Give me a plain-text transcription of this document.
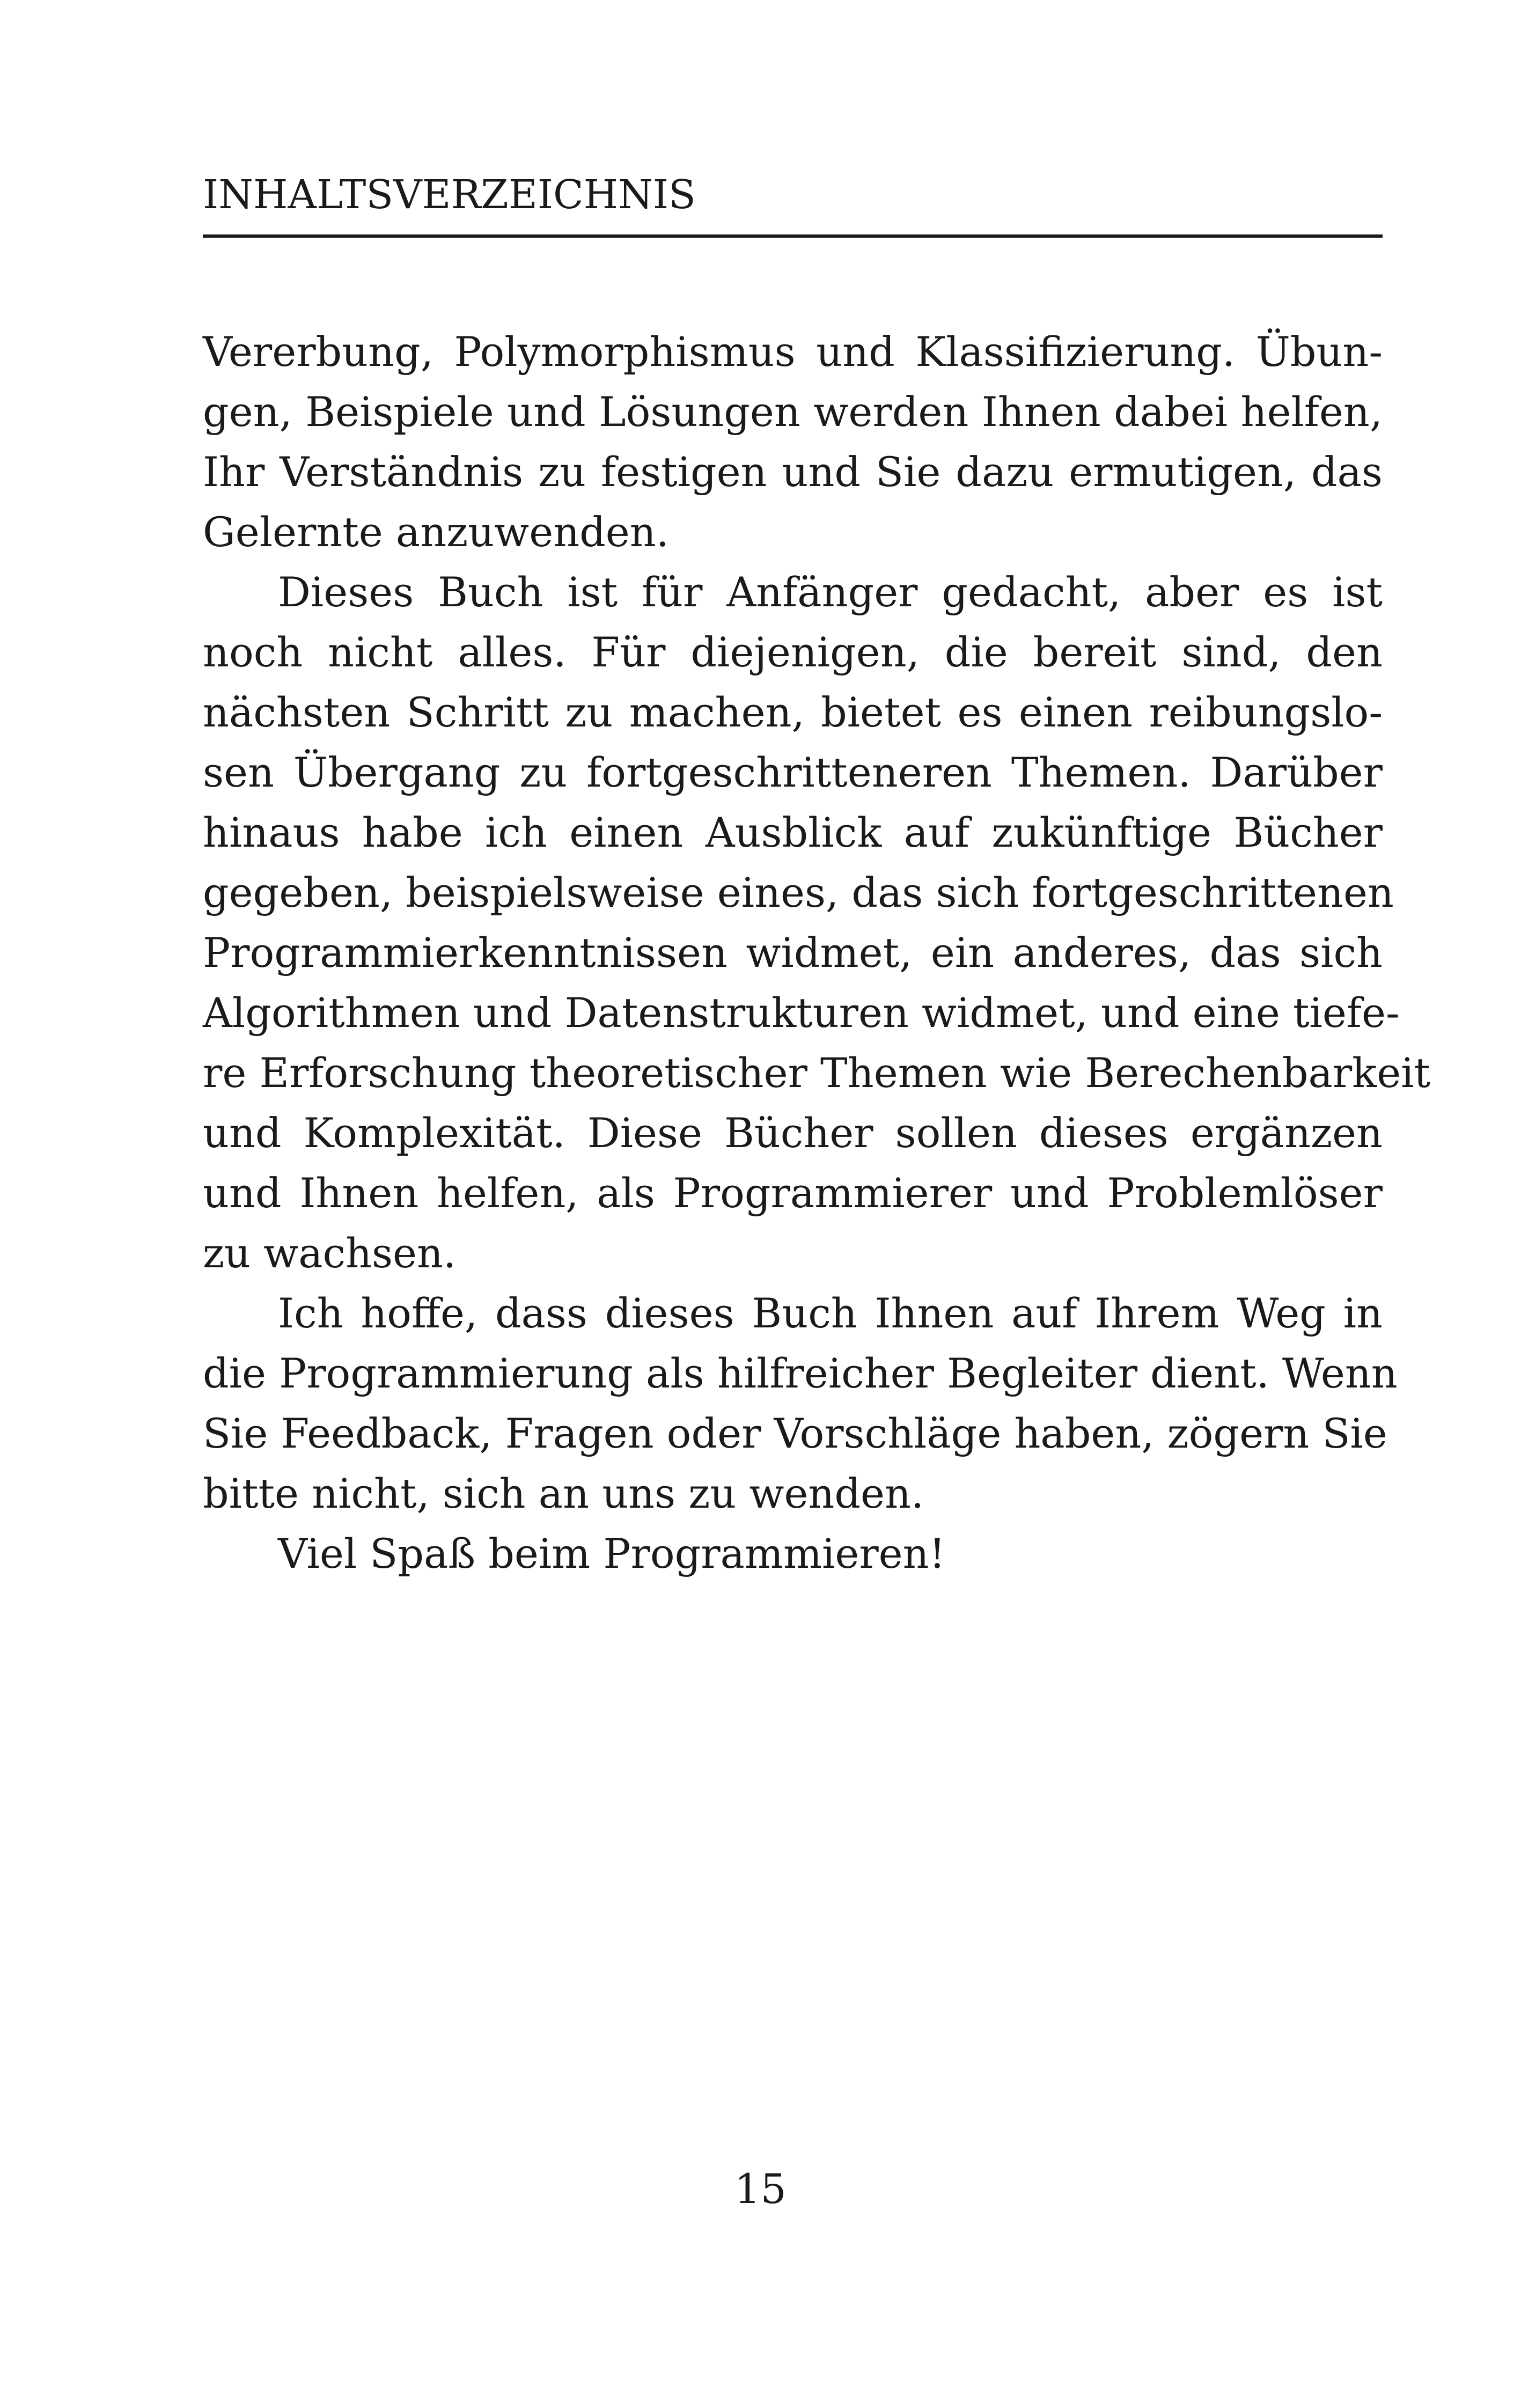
INHALTSVERZEICHNIS
Vererbung, Polymorphismus und Klassifizierung. Übun-
gen, Beispiele und Lösungen werden Ihnen dabei helfen,
Ihr Verständnis zu festigen und Sie dazu ermutigen, das
Gelernte anzuwenden.
Dieses Buch ist für Anfänger gedacht, aber es ist
noch nicht alles. Für diejenigen, die bereit sind, den
nächsten Schritt zu machen, bietet es einen reibungslo-
sen Übergang zu fortgeschritteneren Themen. Darüber
hinaus habe ich einen Ausblick auf zukünftige Bücher
gegeben, beispielsweise eines, das sich fortgeschrittenen
Programmierkenntnissen widmet, ein anderes, das sich
Algorithmen und Datenstrukturen widmet, und eine tiefe-
re Erforschung theoretischer Themen wie Berechenbarkeit
und Komplexität. Diese Bücher sollen dieses ergänzen
und Ihnen helfen, als Programmierer und Problemlöser
zu wachsen.
Ich hoffe, dass dieses Buch Ihnen auf Ihrem Weg in
die Programmierung als hilfreicher Begleiter dient. Wenn
Sie Feedback, Fragen oder Vorschläge haben, zögern Sie
bitte nicht, sich an uns zu wenden.
Viel Spaß beim Programmieren!
15
